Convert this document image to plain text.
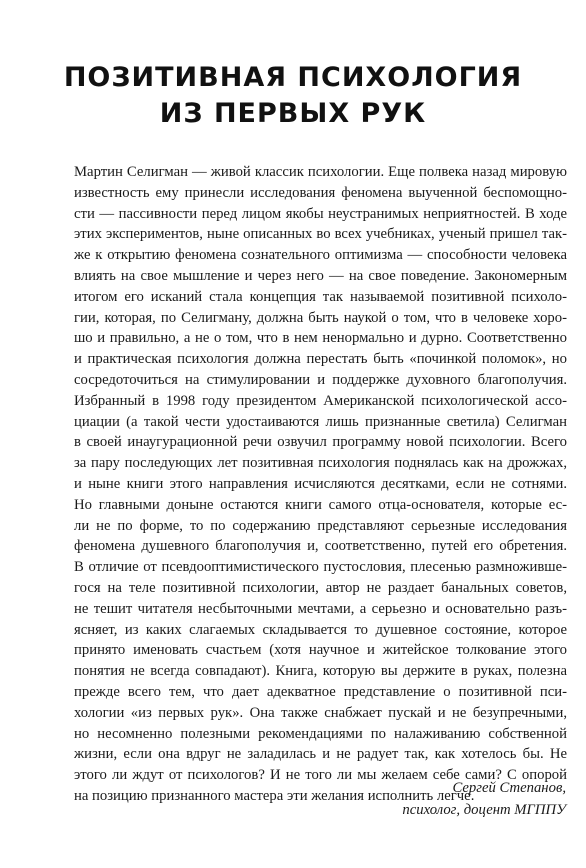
ПОЗИТИВНАЯ ПСИХОЛОГИЯ
ИЗ ПЕРВЫХ РУК
Мартин Селигман — живой классик психологии. Еще полвека назад мировую
известность ему принесли исследования феномена выученной беспомощно-
сти — пассивности перед лицом якобы неустранимых неприятностей. В ходе
этих экспериментов, ныне описанных во всех учебниках, ученый пришел так-
же к открытию феномена сознательного оптимизма — способности человека
влиять на свое мышление и через него — на свое поведение. Закономерным
итогом его исканий стала концепция так называемой позитивной психоло-
гии, которая, по Селигману, должна быть наукой о том, что в человеке хоро-
шо и правильно, а не о том, что в нем ненормально и дурно. Соответственно
и практическая психология должна перестать быть «починкой поломок», но
сосредоточиться на стимулировании и поддержке духовного благополучия.
Избранный в 1998 году президентом Американской психологической ассо-
циации (а такой чести удостаиваются лишь признанные светила) Селигман
в своей инаугурационной речи озвучил программу новой психологии. Всего
за пару последующих лет позитивная психология поднялась как на дрожжах,
и ныне книги этого направления исчисляются десятками, если не сотнями.
Но главными доныне остаются книги самого отца-основателя, которые ес-
ли не по форме, то по содержанию представляют серьезные исследования
феномена душевного благополучия и, соответственно, путей его обретения.
В отличие от псевдооптимистического пустословия, плесенью размноживше-
гося на теле позитивной психологии, автор не раздает банальных советов,
не тешит читателя несбыточными мечтами, а серьезно и основательно разъ-
ясняет, из каких слагаемых складывается то душевное состояние, которое
принято именовать счастьем (хотя научное и житейское толкование этого
понятия не всегда совпадают). Книга, которую вы держите в руках, полезна
прежде всего тем, что дает адекватное представление о позитивной пси-
хологии «из первых рук». Она также снабжает пускай и не безупречными,
но несомненно полезными рекомендациями по налаживанию собственной
жизни, если она вдруг не заладилась и не радует так, как хотелось бы. Не
этого ли ждут от психологов? И не того ли мы желаем себе сами? С опорой
на позицию признанного мастера эти желания исполнить легче.
Сергей Степанов,
психолог, доцент МГППУ
